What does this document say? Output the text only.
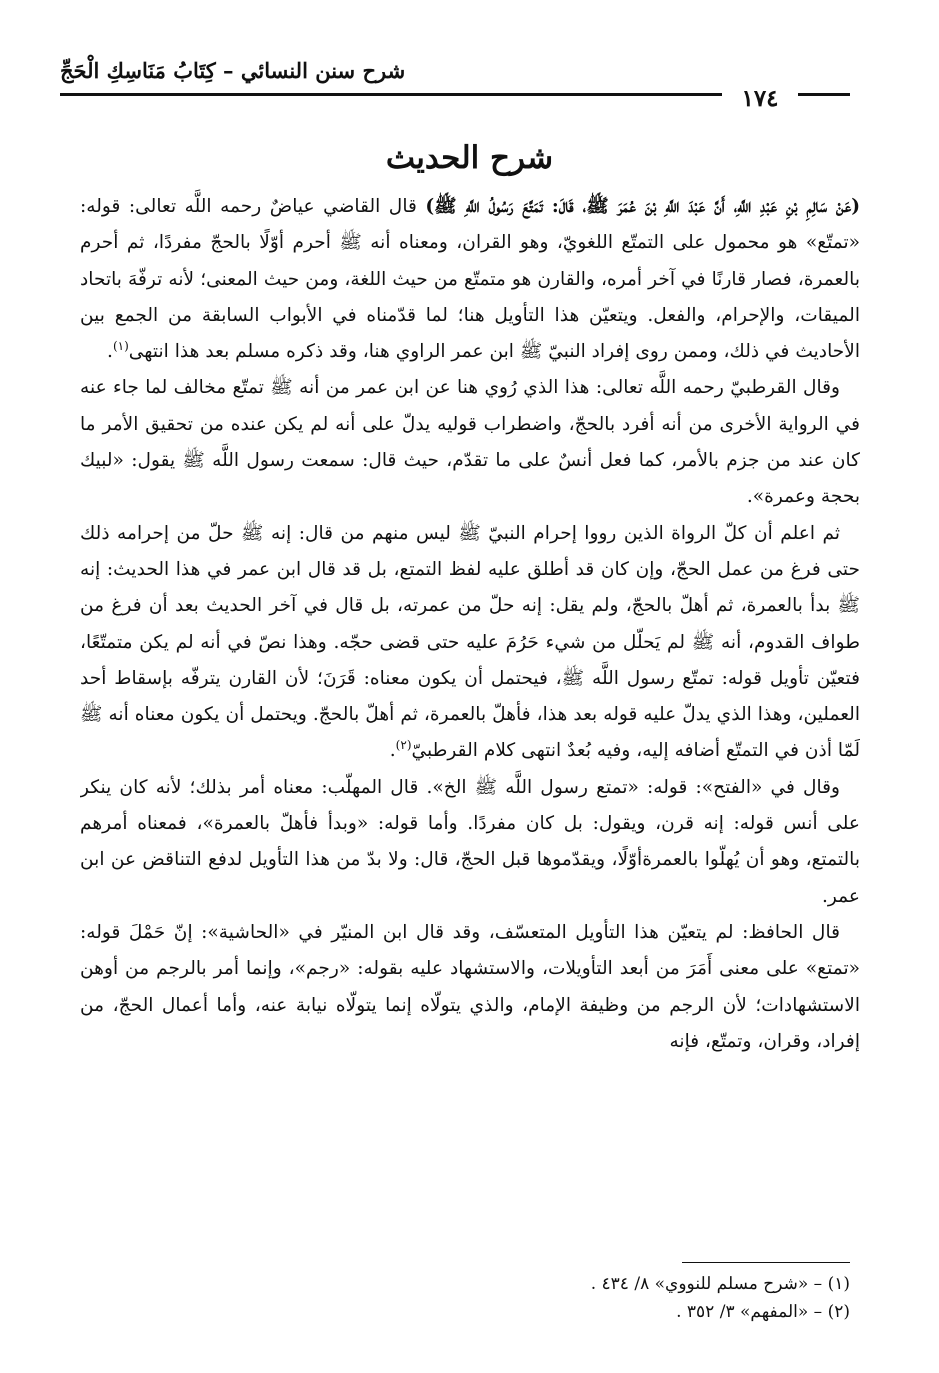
شرح سنن النسائي – كِتَابُ مَنَاسِكِ الْحَجِّ
١٧٤
شرح الحديث

(عَنْ سَالِمِ بْنِ عَبْدِ اللَّهِ، أَنَّ عَبْدَ اللَّهِ بْنَ عُمَرَ ﷺ، قَالَ: تَمَتَّعَ رَسُولُ اللَّهِ ﷺ) قال القاضي عياضٌ رحمه اللَّه تعالى: قوله: «تمتّع» هو محمول على التمتّع اللغويّ، وهو القران، ومعناه أنه ﷺ أحرم أوّلًا بالحجّ مفردًا، ثم أحرم بالعمرة، فصار قارنًا في آخر أمره، والقارن هو متمتّع من حيث اللغة، ومن حيث المعنى؛ لأنه ترفّهَ باتحاد الميقات، والإحرام، والفعل. ويتعيّن هذا التأويل هنا؛ لما قدّمناه في الأبواب السابقة من الجمع بين الأحاديث في ذلك، وممن روى إفراد النبيّ ﷺ ابن عمر الراوي هنا، وقد ذكره مسلم بعد هذا انتهى$^{(١)}$.

وقال القرطبيّ رحمه اللَّه تعالى: هذا الذي رُوي هنا عن ابن عمر من أنه ﷺ تمتّع مخالف لما جاء عنه في الرواية الأخرى من أنه أفرد بالحجّ، واضطراب قوليه يدلّ على أنه لم يكن عنده من تحقيق الأمر ما كان عند من جزم بالأمر، كما فعل أنسٌ على ما تقدّم، حيث قال: سمعت رسول اللَّه ﷺ يقول: «لبيك بحجة وعمرة».

ثم اعلم أن كلّ الرواة الذين رووا إحرام النبيّ ﷺ ليس منهم من قال: إنه ﷺ حلّ من إحرامه ذلك حتى فرغ من عمل الحجّ، وإن كان قد أطلق عليه لفظ التمتع، بل قد قال ابن عمر في هذا الحديث: إنه ﷺ بدأ بالعمرة، ثم أهلّ بالحجّ، ولم يقل: إنه حلّ من عمرته، بل قال في آخر الحديث بعد أن فرغ من طواف القدوم، أنه ﷺ لم يَحلّل من شيء حَرُمَ عليه حتى قضى حجّه. وهذا نصّ في أنه لم يكن متمتّعًا، فتعيّن تأويل قوله: تمتّع رسول اللَّه ﷺ، فيحتمل أن يكون معناه: قَرَنَ؛ لأن القارن يترفّه بإسقاط أحد العملين، وهذا الذي يدلّ عليه قوله بعد هذا، فأهلّ بالعمرة، ثم أهلّ بالحجّ. ويحتمل أن يكون معناه أنه ﷺ لَمّا أذن في التمتّع أضافه إليه، وفيه بُعدٌ انتهى كلام القرطبيّ$^{(٢)}$.

وقال في «الفتح»: قوله: «تمتع رسول اللَّه ﷺ الخ». قال المهلّب: معناه أمر بذلك؛ لأنه كان ينكر على أنس قوله: إنه قرن، ويقول: بل كان مفردًا. وأما قوله: «وبدأ فأهلّ بالعمرة»، فمعناه أمرهم بالتمتع، وهو أن يُهلّوا بالعمرةأوّلًا، ويقدّموها قبل الحجّ، قال: ولا بدّ من هذا التأويل لدفع التناقض عن ابن عمر.

قال الحافظ: لم يتعيّن هذا التأويل المتعسّف، وقد قال ابن المنيّر في «الحاشية»: إنّ حَمْلَ قوله: «تمتع» على معنى أَمَرَ من أبعد التأويلات، والاستشهاد عليه بقوله: «رجم»، وإنما أمر بالرجم من أوهن الاستشهادات؛ لأن الرجم من وظيفة الإمام، والذي يتولّاه إنما يتولّاه نيابة عنه، وأما أعمال الحجّ، من إفراد، وقران، وتمتّع، فإنه

(١) – «شرح مسلم للنووي» ٨/ ٤٣٤ .
(٢) – «المفهم» ٣/ ٣٥٢ .
